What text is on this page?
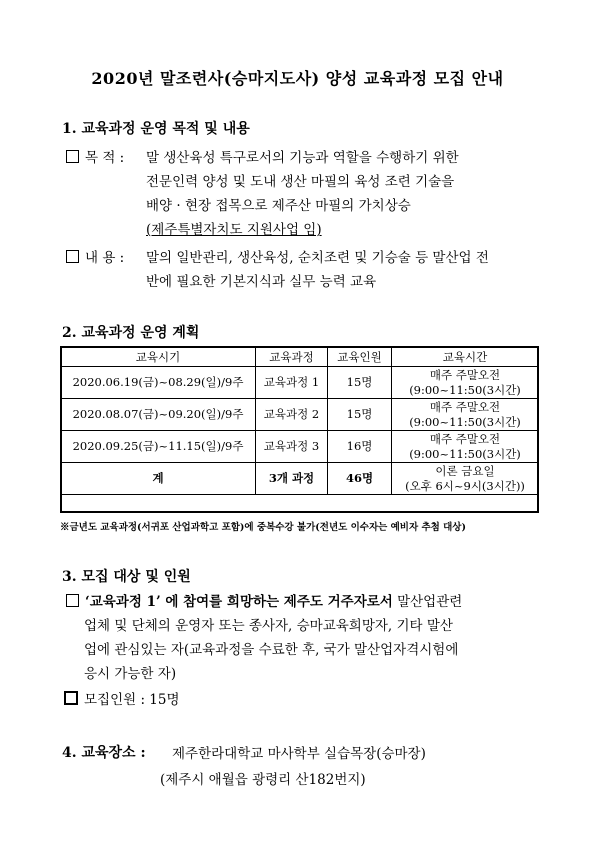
2020년 말조련사(승마지도사) 양성 교육과정 모집 안내
1. 교육과정 운영 목적 및 내용
목 적 : 말 생산육성 특구로서의 기능과 역할을 수행하기 위한
전문인력 양성 및 도내 생산 마필의 육성 조련 기술을
배양 · 현장 접목으로 제주산 마필의 가치상승
(제주특별자치도 지원사업 임)
내 용 : 말의 일반관리, 생산육성, 순치조련 및 기승술 등 말산업 전
반에 필요한 기본지식과 실무 능력 교육
2. 교육과정 운영 계획
교육시기	교육과정	교육인원	교육시간
2020.06.19(금)~08.29(일)/9주	교육과정 1	15명	매주 주말오전
(9:00~11:50(3시간)

2020.08.07(금)~09.20(일)/9주	교육과정 2	15명	매주 주말오전
(9:00~11:50(3시간)

2020.09.25(금)~11.15(일)/9주	교육과정 3	16명	매주 주말오전
(9:00~11:50(3시간)

계	3개 과정	46명	이론 금요일
(오후 6시~9시(3시간))
※금년도 교육과정(서귀포 산업과학고 포함)에 중복수강 불가(전년도 이수자는 예비자 추첨 대상)
3. 모집 대상 및 인원
‘교육과정 1’ 에 참여를 희망하는 제주도 거주자로서 말산업관련
업체 및 단체의 운영자 또는 종사자, 승마교육희망자, 기타 말산
업에 관심있는 자(교육과정을 수료한 후, 국가 말산업자격시험에
응시 가능한 자)
모집인원 : 15명
4. 교육장소 : 제주한라대학교 마사학부 실습목장(승마장)
(제주시 애월읍 광령리 산182번지)
